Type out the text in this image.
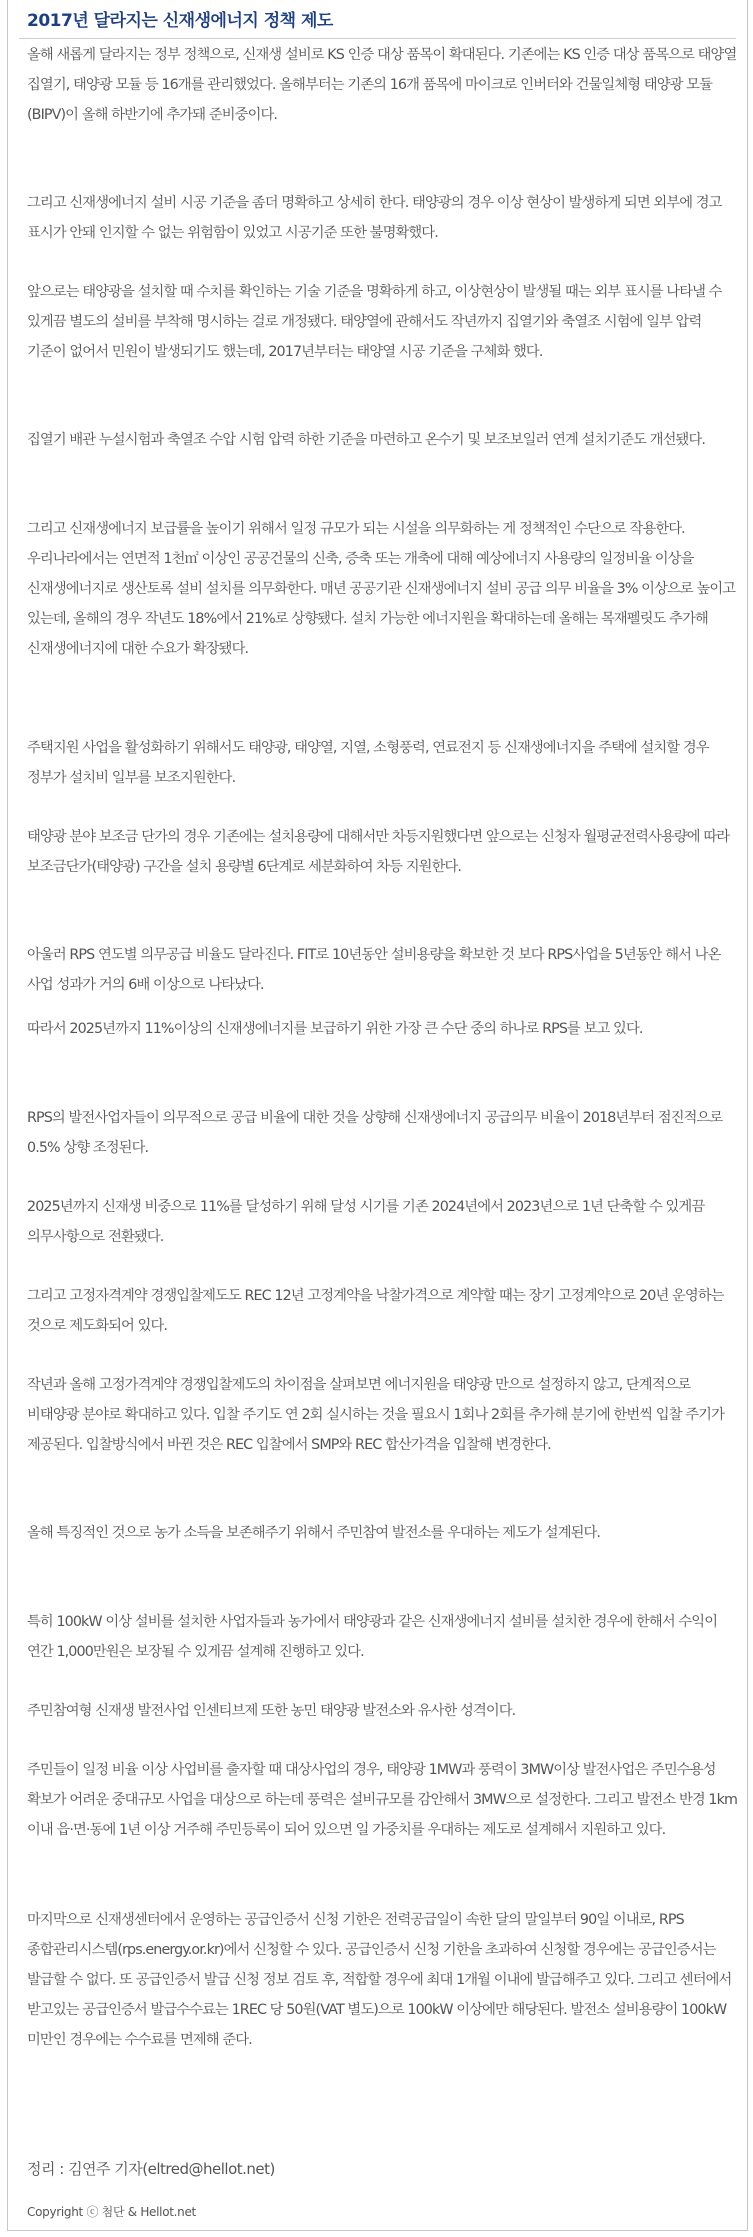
2017년 달라지는 신재생에너지 정책 제도

올해 새롭게 달라지는 정부 정책으로, 신재생 설비로 KS 인증 대상 품목이 확대된다. 기존에는 KS 인증 대상 품목으로 태양열 집열기, 태양광 모듈 등 16개를 관리했었다. 올해부터는 기존의 16개 품목에 마이크로 인버터와 건물일체형 태양광 모듈(BIPV)이 올해 하반기에 추가돼 준비중이다.

그리고 신재생에너지 설비 시공 기준을 좀더 명확하고 상세히 한다. 태양광의 경우 이상 현상이 발생하게 되면 외부에 경고 표시가 안돼 인지할 수 없는 위험함이 있었고 시공기준 또한 불명확했다.

앞으로는 태양광을 설치할 때 수치를 확인하는 기술 기준을 명확하게 하고, 이상현상이 발생될 때는 외부 표시를 나타낼 수 있게끔 별도의 설비를 부착해 명시하는 걸로 개정됐다. 태양열에 관해서도 작년까지 집열기와 축열조 시험에 일부 압력 기준이 없어서 민원이 발생되기도 했는데, 2017년부터는 태양열 시공 기준을 구체화 했다.

집열기 배관 누설시험과 축열조 수압 시험 압력 하한 기준을 마련하고 온수기 및 보조보일러 연계 설치기준도 개선됐다.

그리고 신재생에너지 보급률을 높이기 위해서 일정 규모가 되는 시설을 의무화하는 게 정책적인 수단으로 작용한다. 우리나라에서는 연면적 1천㎡ 이상인 공공건물의 신축, 증축 또는 개축에 대해 예상에너지 사용량의 일정비율 이상을 신재생에너지로 생산토록 설비 설치를 의무화한다. 매년 공공기관 신재생에너지 설비 공급 의무 비율을 3% 이상으로 높이고 있는데, 올해의 경우 작년도 18%에서 21%로 상향됐다. 설치 가능한 에너지원을 확대하는데 올해는 목재펠릿도 추가해 신재생에너지에 대한 수요가 확장됐다.

주택지원 사업을 활성화하기 위해서도 태양광, 태양열, 지열, 소형풍력, 연료전지 등 신재생에너지을 주택에 설치할 경우 정부가 설치비 일부를 보조지원한다.

태양광 분야 보조금 단가의 경우 기존에는 설치용량에 대해서만 차등지원했다면 앞으로는 신청자 월평균전력사용량에 따라 보조금단가(태양광) 구간을 설치 용량별 6단계로 세분화하여 차등 지원한다.

아울러 RPS 연도별 의무공급 비율도 달라진다. FIT로 10년동안 설비용량을 확보한 것 보다 RPS사업을 5년동안 해서 나온 사업 성과가 거의 6배 이상으로 나타났다.

따라서 2025년까지 11%이상의 신재생에너지를 보급하기 위한 가장 큰 수단 중의 하나로 RPS를 보고 있다.

RPS의 발전사업자들이 의무적으로 공급 비율에 대한 것을 상향해 신재생에너지 공급의무 비율이 2018년부터 점진적으로 0.5% 상향 조정된다.

2025년까지 신재생 비중으로 11%를 달성하기 위해 달성 시기를 기존 2024년에서 2023년으로 1년 단축할 수 있게끔 의무사항으로 전환됐다.

그리고 고정자격계약 경쟁입찰제도도 REC 12년 고정계약을 낙찰가격으로 계약할 때는 장기 고정계약으로 20년 운영하는 것으로 제도화되어 있다.

작년과 올해 고정가격계약 경쟁입찰제도의 차이점을 살펴보면 에너지원을 태양광 만으로 설정하지 않고, 단계적으로 비태양광 분야로 확대하고 있다. 입찰 주기도 연 2회 실시하는 것을 필요시 1회나 2회를 추가해 분기에 한번씩 입찰 주기가 제공된다. 입찰방식에서 바뀐 것은 REC 입찰에서 SMP와 REC 합산가격을 입찰해 변경한다.

올해 특징적인 것으로 농가 소득을 보존해주기 위해서 주민참여 발전소를 우대하는 제도가 설계된다.

특히 100kW 이상 설비를 설치한 사업자들과 농가에서 태양광과 같은 신재생에너지 설비를 설치한 경우에 한해서 수익이 연간 1,000만원은 보장될 수 있게끔 설계해 진행하고 있다.

주민참여형 신재생 발전사업 인센티브제 또한 농민 태양광 발전소와 유사한 성격이다.

주민들이 일정 비율 이상 사업비를 출자할 때 대상사업의 경우, 태양광 1MW과 풍력이 3MW이상 발전사업은 주민수용성 확보가 어려운 중대규모 사업을 대상으로 하는데 풍력은 설비규모를 감안해서 3MW으로 설정한다. 그리고 발전소 반경 1km 이내 읍·면·동에 1년 이상 거주해 주민등록이 되어 있으면 일 가중치를 우대하는 제도로 설계해서 지원하고 있다.

마지막으로 신재생센터에서 운영하는 공급인증서 신청 기한은 전력공급일이 속한 달의 말일부터 90일 이내로, RPS 종합관리시스템(rps.energy.or.kr)에서 신청할 수 있다. 공급인증서 신청 기한을 초과하여 신청할 경우에는 공급인증서는 발급할 수 없다. 또 공급인증서 발급 신청 정보 검토 후, 적합할 경우에 최대 1개월 이내에 발급해주고 있다. 그리고 센터에서 받고있는 공급인증서 발급수수료는 1REC 당 50원(VAT 별도)으로 100kW 이상에만 해당된다. 발전소 설비용량이 100kW 미만인 경우에는 수수료를 면제해 준다.

정리 : 김연주 기자(eltred@hellot.net)

Copyright ⓒ 첨단 & Hellot.net
